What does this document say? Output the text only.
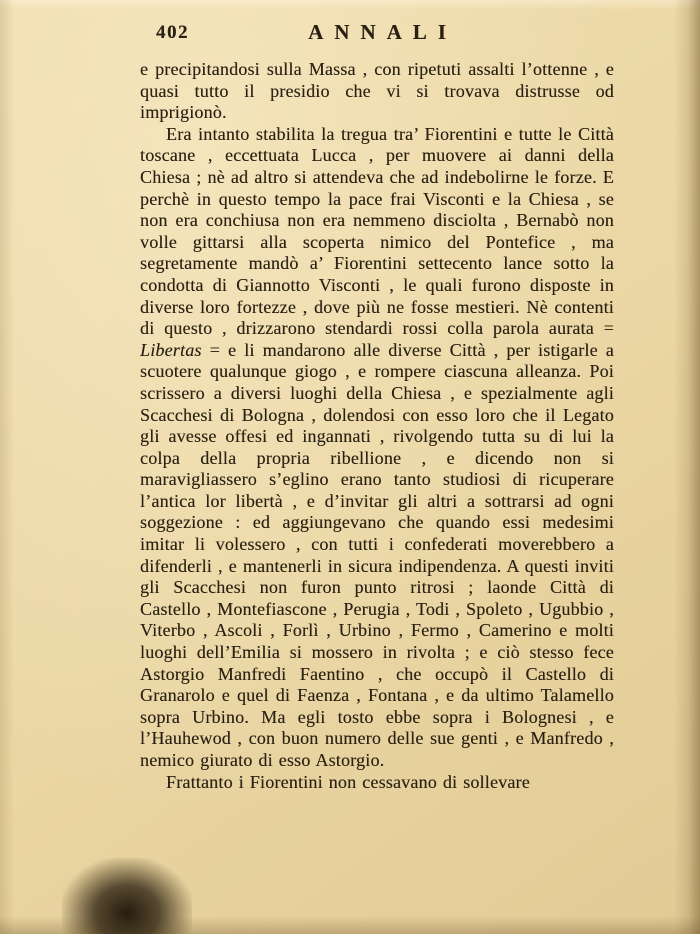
402	ANNALI

e precipitandosi sulla Massa , con ripetuti assalti l’ottenne , e quasi tutto il presidio che vi si trovava distrusse od imprigionò.

Era intanto stabilita la tregua tra’ Fiorentini e tutte le Città toscane , eccettuata Lucca , per muovere ai danni della Chiesa ; nè ad altro si attendeva che ad indebolirne le forze. E perchè in questo tempo la pace frai Visconti e la Chiesa , se non era conchiusa non era nemmeno disciolta , Bernabò non volle gittarsi alla scoperta nimico del Pontefice , ma segretamente mandò a’ Fiorentini settecento lance sotto la condotta di Giannotto Visconti , le quali furono disposte in diverse loro fortezze , dove più ne fosse mestieri. Nè contenti di questo , drizzarono stendardi rossi colla parola aurata = Libertas = e li mandarono alle diverse Città , per istigarle a scuotere qualunque giogo , e rompere ciascuna alleanza. Poi scrissero a diversi luoghi della Chiesa , e spezialmente agli Scacchesi di Bologna , dolendosi con esso loro che il Legato gli avesse offesi ed ingannati , rivolgendo tutta su di lui la colpa della propria ribellione , e dicendo non si maravigliassero s’eglino erano tanto studiosi di ricuperare l’antica lor libertà , e d’invitar gli altri a sottrarsi ad ogni soggezione : ed aggiungevano che quando essi medesimi imitar li volessero , con tutti i confederati moverebbero a difenderli , e mantenerli in sicura indipendenza. A questi inviti gli Scacchesi non furon punto ritrosi ; laonde Città di Castello , Montefiascone , Perugia , Todi , Spoleto , Ugubbio , Viterbo , Ascoli , Forlì , Urbino , Fermo , Camerino e molti luoghi dell’Emilia si mossero in rivolta ; e ciò stesso fece Astorgio Manfredi Faentino , che occupò il Castello di Granarolo e quel di Faenza , Fontana , e da ultimo Talamello sopra Urbino. Ma egli tosto ebbe sopra i Bolognesi , e l’Hauhewod , con buon numero delle sue genti , e Manfredo , nemico giurato di esso Astorgio.

Frattanto i Fiorentini non cessavano di sollevare
